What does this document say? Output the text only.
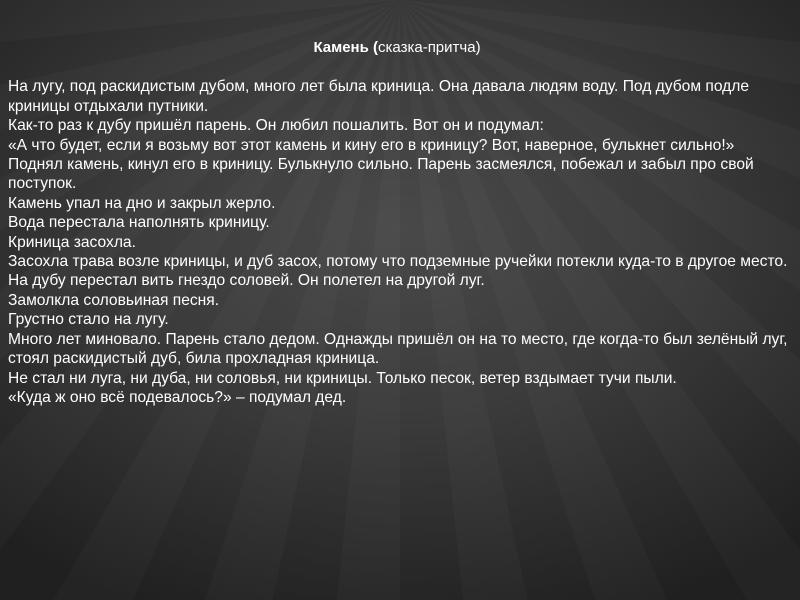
Камень (сказка-притча)

На лугу, под раскидистым дубом, много лет была криница. Она давала людям воду. Под дубом подле криницы отдыхали путники.

Как-то раз к дубу пришёл парень. Он любил пошалить. Вот он и подумал:

«А что будет, если я возьму вот этот камень и кину его в криницу? Вот, наверное, булькнет сильно!»

Поднял камень, кинул его в криницу. Булькнуло сильно. Парень засмеялся, побежал и забыл про свой поступок.

Камень упал на дно и закрыл жерло.

Вода перестала наполнять криницу.

Криница засохла.

Засохла трава возле криницы, и дуб засох, потому что подземные ручейки потекли куда-то в другое место.

На дубу перестал вить гнездо соловей. Он полетел на другой луг.

Замолкла соловьиная песня.

Грустно стало на лугу.

Много лет миновало. Парень стало дедом. Однажды пришёл он на то место, где когда-то был зелёный луг, стоял раскидистый дуб, била прохладная криница.

Не стал ни луга, ни дуба, ни соловья, ни криницы. Только песок, ветер вздымает тучи пыли.

«Куда ж оно всё подевалось?» – подумал дед.
